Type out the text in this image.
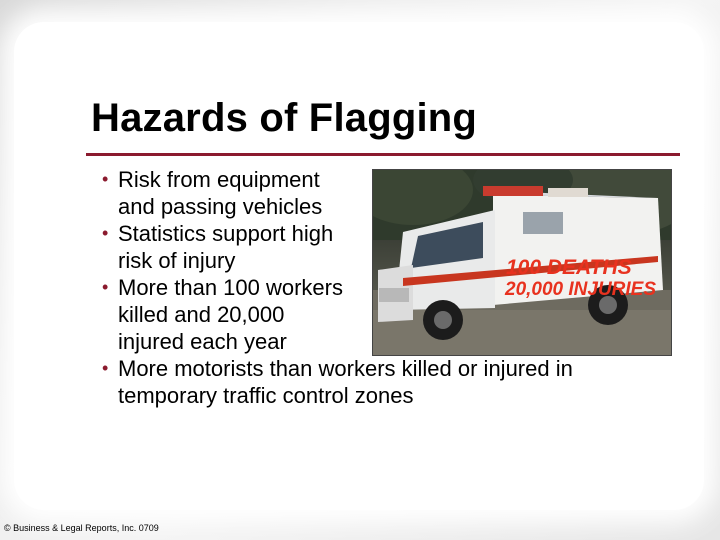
Hazards of Flagging
• Risk from equipment
and passing vehicles
• Statistics support high
risk of injury
• More than 100 workers
killed and 20,000
injured each year
• More motorists than workers killed or injured in
temporary traffic control zones
100 DEATHS
20,000 INJURIES
© Business & Legal Reports, Inc. 0709
